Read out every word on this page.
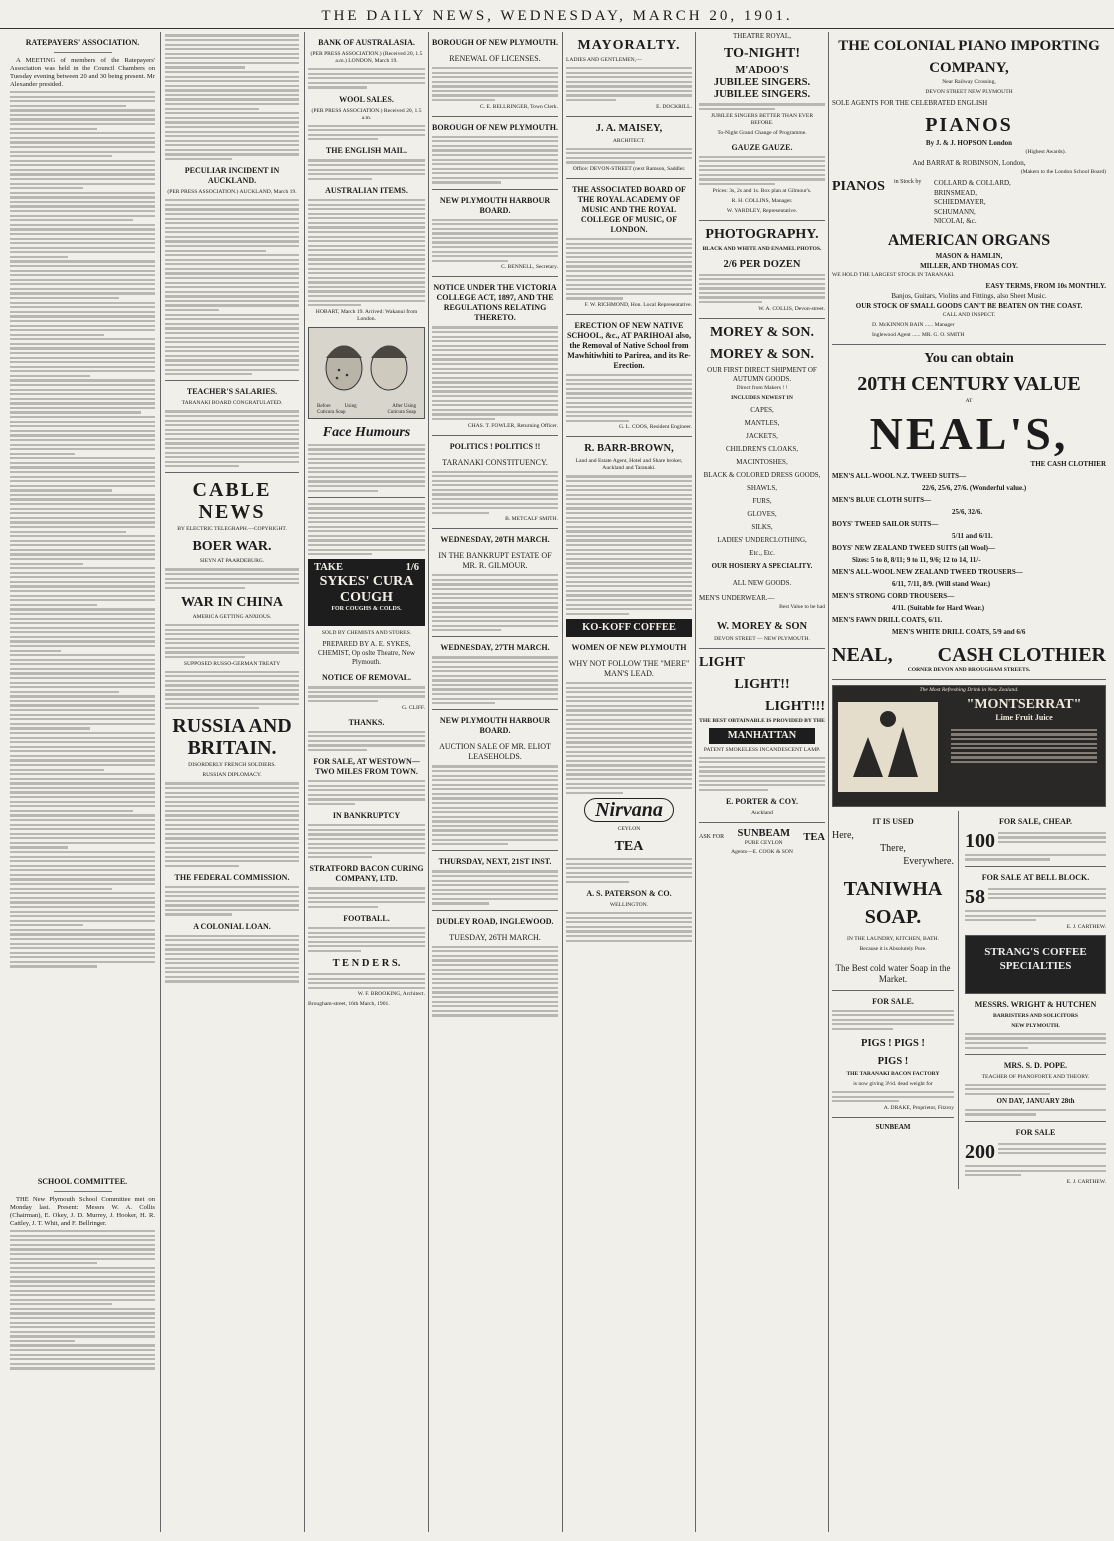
THE DAILY NEWS, WEDNESDAY, MARCH 20, 1901.
RATEPAYERS' ASSOCIATION.

A MEETING of members of the Ratepayers' Association was held in the Council Chambers on Tuesday evening between 20 and 30 being present. Mr Alexander presided.

SCHOOL COMMITTEE.

THE New Plymouth School Committee met on Monday last. Present: Messrs W. A. Collis (Chairman), E. Okey, J. D. Murrey, J. Hooker, H. R. Cattley, J. T. Whit, and F. Bellringer.

PECULIAR INCIDENT IN AUCKLAND.
(PER PRESS ASSOCIATION.) AUCKLAND, March 19.
TEACHER'S SALARIES.
TARANAKI BOARD CONGRATULATED.
CABLE NEWS
BY ELECTRIC TELEGRAPH.—COPYRIGHT.
BOER WAR.
SIEYN AT PAARDEBURG.
WAR IN CHINA
AMERICA GETTING ANXIOUS.
SUPPOSED RUSSO-GERMAN TREATY
RUSSIA AND BRITAIN.
DISORDERLY FRENCH SOLDIERS.
RUSSIAN DIPLOMACY.
THE FEDERAL COMMISSION.
A COLONIAL LOAN.
BANK OF AUSTRALASIA.
(PER PRESS ASSOCIATION.) (Received 20, 1.5 a.m.) LONDON, March 19.
WOOL SALES.
(PER PRESS ASSOCIATION.) Received 20, 1.5 a.m.
THE ENGLISH MAIL.
AUSTRALIAN ITEMS.
HOBART, March 19. Arrived: Wakanui from London.
Before Using Cuticura Soap
After Using Cuticura Soap
Face Humours
TAKE	1/6
SYKES' CURA COUGH
FOR COUGHS & COLDS.
SOLD BY CHEMISTS AND STORES.
PREPARED BY A. E. SYKES, CHEMIST, Op oslte Theatre, New Plymouth.
NOTICE OF REMOVAL.
G. CLIFF.
THANKS.
FOR SALE, AT WESTOWN—TWO MILES FROM TOWN.
IN BANKRUPTCY
STRATFORD BACON CURING COMPANY, LTD.
FOOTBALL.
T E N D E R S.
W. F. BROOKING, Architect.
Brougham-street, 16th March, 1901.
BOROUGH OF NEW PLYMOUTH.
RENEWAL OF LICENSES.
C. E. BELLRINGER, Town Clerk.
BOROUGH OF NEW PLYMOUTH.
NEW PLYMOUTH HARBOUR BOARD.
C. BENNELL, Secretary.
NOTICE UNDER THE VICTORIA COLLEGE ACT, 1897, AND THE REGULATIONS RELATING THERETO.
CHAS. T. FOWLER, Returning Officer.
POLITICS ! POLITICS !!
TARANAKI CONSTITUENCY.
B. METCALF SMITH.
WEDNESDAY, 20TH MARCH.
IN THE BANKRUPT ESTATE OF MR. R. GILMOUR.
WEDNESDAY, 27TH MARCH.
NEW PLYMOUTH HARBOUR BOARD.
AUCTION SALE OF MR. ELIOT LEASEHOLDS.
THURSDAY, NEXT, 21ST INST.
DUDLEY ROAD, INGLEWOOD.
TUESDAY, 26TH MARCH.
MAYORALTY.
LADIES AND GENTLEMEN,—
E. DOCKRILL.
J. A. MAISEY,
ARCHITECT.
Office: DEVON-STREET (next Ramson, Saddler.
THE ASSOCIATED BOARD OF THE ROYAL ACADEMY OF MUSIC AND THE ROYAL COLLEGE OF MUSIC, OF LONDON.
F. W. RICHMOND, Hon. Local Representative.
ERECTION OF NEW NATIVE SCHOOL, &c., AT PARIHOAI also, the Removal of Native School from Mawhitiwhiti to Parirea, and its Re-Erection.
G. L. COOS, Resident Engineer.
R. BARR-BROWN,
Land and Estate Agent, Hotel and Share broker, Auckland and Taranaki.
KO-KOFF COFFEE
WOMEN OF NEW PLYMOUTH
WHY NOT FOLLOW THE "MERE" MAN'S LEAD.
Nirvana
CEYLON
TEA
A. S. PATERSON & CO.
WELLINGTON.
THEATRE ROYAL,
TO-NIGHT!
M'ADOO'S
JUBILEE SINGERS.
JUBILEE SINGERS.
JUBILEE SINGERS BETTER THAN EVER BEFORE.
To-Night Grand Change of Programme.
GAUZE GAUZE.
Prices: 3s, 2s and 1s. Box plan at Gilmour's.
R. H. COLLINS, Manager.
W. YARDLEY, Representative.
PHOTOGRAPHY.
BLACK AND WHITE AND ENAMEL PHOTOS.
2/6 PER DOZEN
W. A. COLLIS, Devon-street.
MOREY & SON.
MOREY & SON.
OUR FIRST DIRECT SHIPMENT OF AUTUMN GOODS.
Direct from Makers ! !
INCLUDES NEWEST IN
CAPES,
MANTLES,
JACKETS,
CHILDREN'S CLOAKS,
MACINTOSHES,
BLACK & COLORED DRESS GOODS,
SHAWLS,
FURS,
GLOVES,
SILKS,
LADIES' UNDERCLOTHING,
Etc., Etc.
OUR HOSIERY A SPECIALITY.
ALL NEW GOODS.
MEN'S UNDERWEAR.—
Best Value to be had
W. MOREY & SON
DEVON STREET — NEW PLYMOUTH.
LIGHT
LIGHT!!
LIGHT!!!
THE BEST OBTAINABLE IS PROVIDED BY THE
MANHATTAN
PATENT SMOKELESS INCANDESCENT LAMP.
E. PORTER & COY.
Auckland
ASK FOR SUNBEAM
PURE CEYLON
TEA
Agents—E. COOK & SON
THE COLONIAL PIANO IMPORTING
COMPANY,
Near Railway Crossing,
DEVON STREET NEW PLYMOUTH
SOLE AGENTS FOR THE CELEBRATED ENGLISH
PIANOS
By J. & J. HOPSON London
(Highest Awards).
And BARRAT & ROBINSON, London,
(Makers to the London School Board)
PIANOS	in Stock by	COLLARD & COLLARD,
BRINSMEAD,
SCHIEDMAYER,
SCHUMANN,
NICOLAI, &c.
AMERICAN ORGANS
MASON & HAMLIN,
MILLER, AND THOMAS COY.
WE HOLD THE LARGEST STOCK IN TARANAKI.
EASY TERMS, FROM 10s MONTHLY.
Banjos, Guitars, Violins and Fittings, also Sheet Music.
OUR STOCK OF SMALL GOODS CAN'T BE BEATEN ON THE COAST.
CALL AND INSPECT.
D. McKINNON BAIN ...... Manager
Inglewood Agent ...... MR. G. O. SMITH
You can obtain
20TH CENTURY VALUE
AT
NEAL'S,
THE CASH CLOTHIER
MEN'S ALL-WOOL N.Z. TWEED SUITS—
22/6, 25/6, 27/6. (Wonderful value.)
MEN'S BLUE CLOTH SUITS—
25/6, 32/6.
BOYS' TWEED SAILOR SUITS—
5/11 and 6/11.
BOYS' NEW ZEALAND TWEED SUITS (all Wool)—
Sizes: 5 to 8, 8/11; 9 to 11, 9/6; 12 to 14, 11/-
MEN'S ALL-WOOL NEW ZEALAND TWEED TROUSERS—
6/11, 7/11, 8/9. (Will stand Wear.)
MEN'S STRONG CORD TROUSERS—
4/11. (Suitable for Hard Wear.)
MEN'S FAWN DRILL COATS, 6/11.
MEN'S WHITE DRILL COATS, 5/9 and 6/6
NEAL, CASH CLOTHIER
CORNER DEVON AND BROUGHAM STREETS.
The Most Refreshing Drink in New Zealand.
"MONTSERRAT"
Lime Fruit Juice
IT IS USED
Here,
There,
Everywhere.
TANIWHA
SOAP.
IN THE LAUNDRY, KITCHEN, BATH.
Because it is Absolutely Pure.
The Best cold water Soap in the Market.
FOR SALE.
PIGS ! PIGS !
PIGS !
THE TARANAKI BACON FACTORY
is now giving 3½d. dead weight for
A. DRAKE, Proprietor, Fitzroy
SUNBEAM
FOR SALE, CHEAP.
100
FOR SALE AT BELL BLOCK.
58
E. J. CARTHEW.
STRANG'S COFFEE SPECIALTIES
MESSRS. WRIGHT & HUTCHEN
BARRISTERS AND SOLICITORS
NEW PLYMOUTH.
MRS. S. D. POPE.
TEACHER OF PIANOFORTE AND THEORY.
ON DAY, JANUARY 28th
FOR SALE
200
E. J. CARTHEW.
